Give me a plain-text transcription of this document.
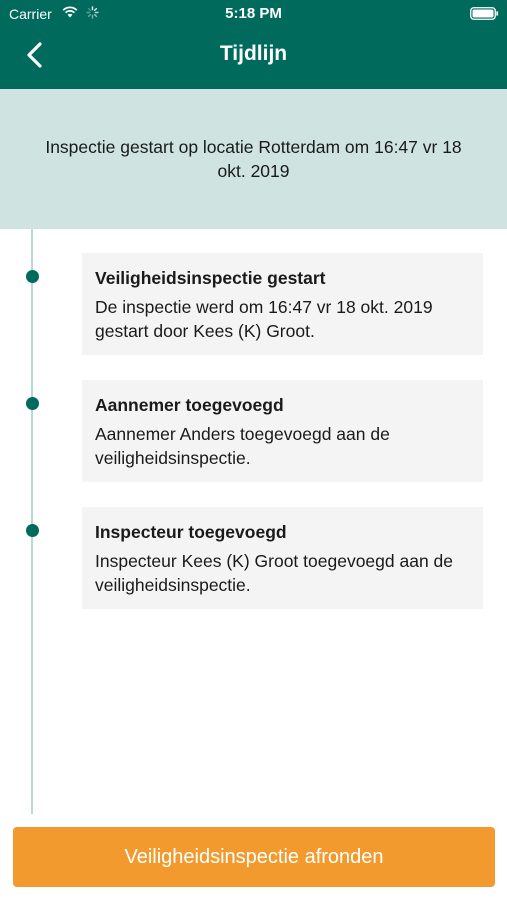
Carrier	5:18 PM
Tijdlijn
Inspectie gestart op locatie Rotterdam om 16:47 vr 18 okt. 2019
Veiligheidsinspectie gestart
De inspectie werd om 16:47 vr 18 okt. 2019 gestart door Kees (K) Groot.
Aannemer toegevoegd
Aannemer Anders toegevoegd aan de veiligheidsinspectie.
Inspecteur toegevoegd
Inspecteur Kees (K) Groot toegevoegd aan de veiligheidsinspectie.
Veiligheidsinspectie afronden
